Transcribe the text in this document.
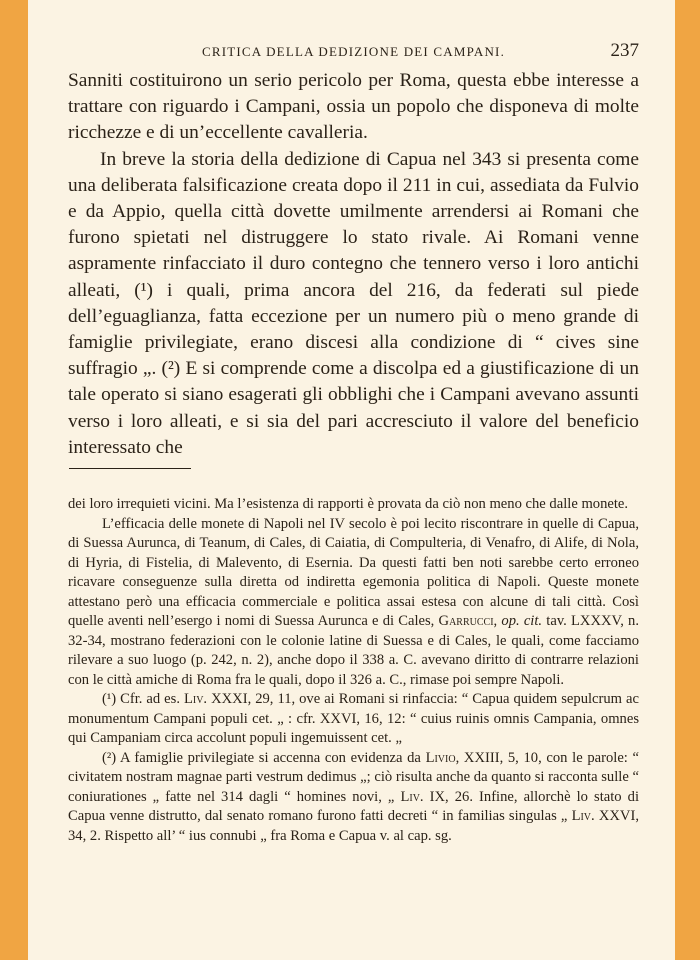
CRITICA DELLA DEDIZIONE DEI CAMPANI.	237

Sanniti costituirono un serio pericolo per Roma, questa ebbe interesse a trattare con riguardo i Campani, ossia un popolo che disponeva di molte ricchezze e di un’eccellente cavalleria.

In breve la storia della dedizione di Capua nel 343 si presenta come una deliberata falsificazione creata dopo il 211 in cui, assediata da Fulvio e da Appio, quella città dovette umilmente arrendersi ai Romani che furono spietati nel distruggere lo stato rivale. Ai Romani venne aspramente rinfacciato il duro contegno che tennero verso i loro antichi alleati, (¹) i quali, prima ancora del 216, da federati sul piede dell’eguaglianza, fatta eccezione per un numero più o meno grande di famiglie privilegiate, erano discesi alla condizione di “ cives sine suffragio „. (²) E si comprende come a discolpa ed a giustificazione di un tale operato si siano esagerati gli obblighi che i Campani avevano assunti verso i loro alleati, e si sia del pari accresciuto il valore del beneficio interessato che

dei loro irrequieti vicini. Ma l’esistenza di rapporti è provata da ciò non meno che dalle monete.

L’efficacia delle monete di Napoli nel IV secolo è poi lecito riscontrare in quelle di Capua, di Suessa Aurunca, di Teanum, di Cales, di Caiatia, di Compulteria, di Venafro, di Alife, di Nola, di Hyria, di Fistelia, di Malevento, di Esernia. Da questi fatti ben noti sarebbe certo erroneo ricavare conseguenze sulla diretta od indiretta egemonia politica di Napoli. Queste monete attestano però una efficacia commerciale e politica assai estesa con alcune di tali città. Così quelle aventi nell’esergo i nomi di Suessa Aurunca e di Cales, Garrucci, op. cit. tav. LXXXV, n. 32-34, mostrano federazioni con le colonie latine di Suessa e di Cales, le quali, come facciamo rilevare a suo luogo (p. 242, n. 2), anche dopo il 338 a. C. avevano diritto di contrarre relazioni con le città amiche di Roma fra le quali, dopo il 326 a. C., rimase poi sempre Napoli.

(¹) Cfr. ad es. Liv. XXXI, 29, 11, ove ai Romani si rinfaccia: “ Capua quidem sepulcrum ac monumentum Campani populi cet. „ : cfr. XXVI, 16, 12: “ cuius ruinis omnis Campania, omnes qui Campaniam circa accolunt populi ingemuissent cet. „

(²) A famiglie privilegiate si accenna con evidenza da Livio, XXIII, 5, 10, con le parole: “ civitatem nostram magnae parti vestrum dedimus „; ciò risulta anche da quanto si racconta sulle “ coniurationes „ fatte nel 314 dagli “ homines novi, „ Liv. IX, 26. Infine, allorchè lo stato di Capua venne distrutto, dal senato romano furono fatti decreti “ in familias singulas „ Liv. XXVI, 34, 2. Rispetto all’ “ ius connubi „ fra Roma e Capua v. al cap. sg.
